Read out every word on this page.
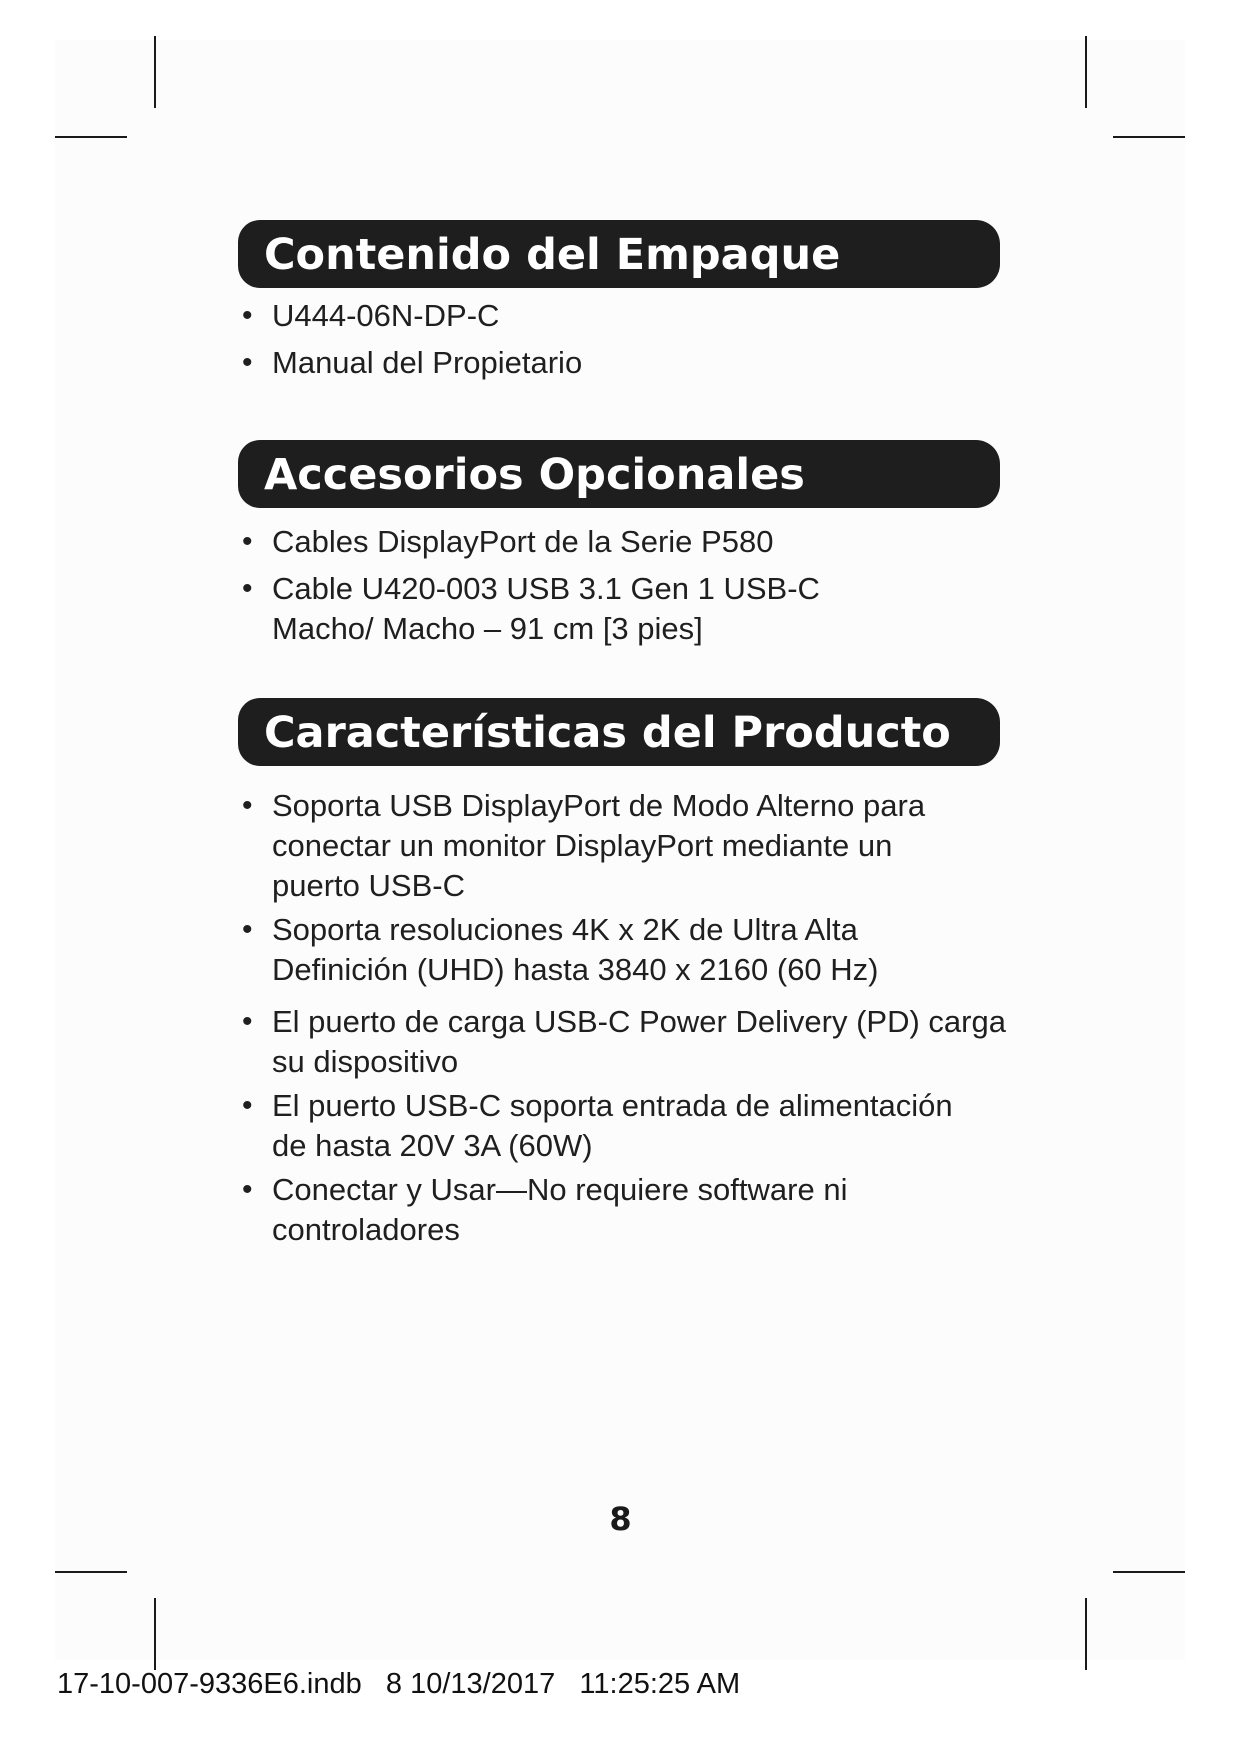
Contenido del Empaque
• U444-06N-DP-C
• Manual del Propietario
Accesorios Opcionales
• Cables DisplayPort de la Serie P580
• Cable U420-003 USB 3.1 Gen 1 USB-C Macho/ Macho – 91 cm [3 pies]
Características del Producto
• Soporta USB DisplayPort de Modo Alterno para conectar un monitor DisplayPort mediante un puerto USB-C
• Soporta resoluciones 4K x 2K de Ultra Alta Definición (UHD) hasta 3840 x 2160 (60 Hz)
• El puerto de carga USB-C Power Delivery (PD) carga su dispositivo
• El puerto USB-C soporta entrada de alimentación de hasta 20V 3A (60W)
• Conectar y Usar—No requiere software ni controladores
8
17-10-007-9336E6.indb   8 10/13/2017   11:25:25 AM
